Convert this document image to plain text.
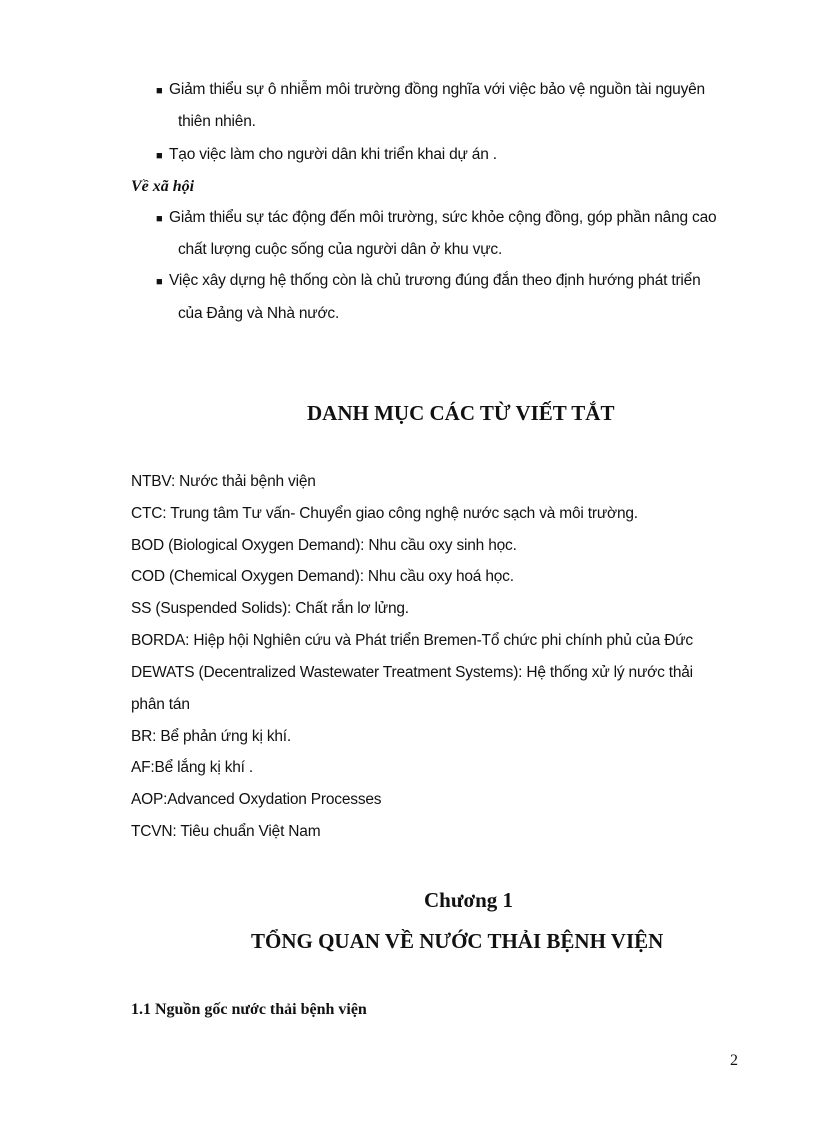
■ Giảm thiểu sự ô nhiễm môi trường đồng nghĩa với việc bảo vệ nguồn tài nguyên
thiên nhiên.
■ Tạo việc làm cho người dân khi triển khai dự án .
Về xã hội
■ Giảm thiểu sự tác động đến môi trường, sức khỏe cộng đồng, góp phần nâng cao
chất lượng cuộc sống của người dân ở khu vực.
■ Việc xây dựng hệ thống còn là chủ trương đúng đắn theo định hướng phát triển
của Đảng và Nhà nước.
DANH MỤC CÁC TỪ VIẾT TẮT
NTBV: Nước thải bệnh viện
CTC: Trung tâm Tư vấn- Chuyển giao công nghệ nước sạch và môi trường.
BOD (Biological Oxygen Demand): Nhu cầu oxy sinh học.
COD (Chemical Oxygen Demand): Nhu cầu oxy hoá học.
SS (Suspended Solids): Chất rắn lơ lửng.
BORDA: Hiệp hội Nghiên cứu và Phát triển Bremen-Tổ chức phi chính phủ của Đức
DEWATS (Decentralized Wastewater Treatment Systems): Hệ thống xử lý nước thải
phân tán
BR: Bể phản ứng kị khí.
AF:Bể lắng kị khí .
AOP:Advanced Oxydation Processes
TCVN: Tiêu chuẩn Việt Nam
Chương 1
TỔNG QUAN VỀ NƯỚC THẢI BỆNH VIỆN
1.1 Nguồn gốc nước thải bệnh viện
2
